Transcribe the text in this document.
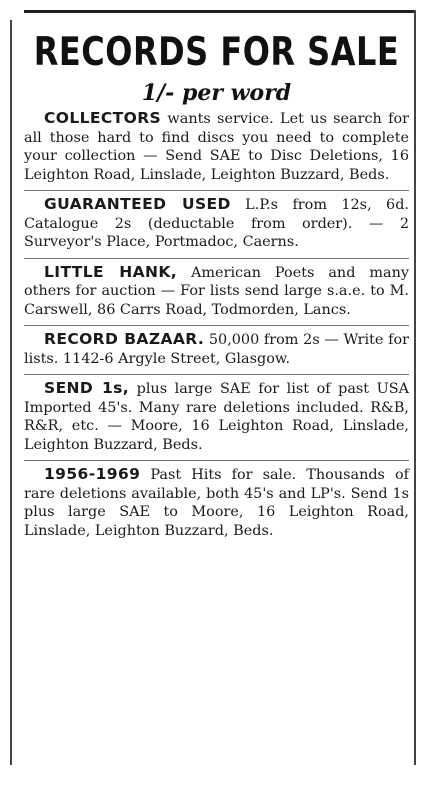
RECORDS FOR SALE
1/- per word

COLLECTORS wants service. Let us search for all those hard to find discs you need to complete your collection — Send SAE to Disc Deletions, 16 Leighton Road, Linslade, Leighton Buzzard, Beds.

GUARANTEED USED L.P.s from 12s, 6d. Catalogue 2s (deductable from order). — 2 Surveyor's Place, Portmadoc, Caerns.

LITTLE HANK, American Poets and many others for auction — For lists send large s.a.e. to M. Carswell, 86 Carrs Road, Todmorden, Lancs.

RECORD BAZAAR. 50,000 from 2s — Write for lists. 1142-6 Argyle Street, Glasgow.

SEND 1s, plus large SAE for list of past USA Imported 45's. Many rare deletions included. R&B, R&R, etc. — Moore, 16 Leighton Road, Linslade, Leighton Buzzard, Beds.

1956-1969 Past Hits for sale. Thousands of rare deletions available, both 45's and LP's. Send 1s plus large SAE to Moore, 16 Leighton Road, Linslade, Leighton Buzzard, Beds.
